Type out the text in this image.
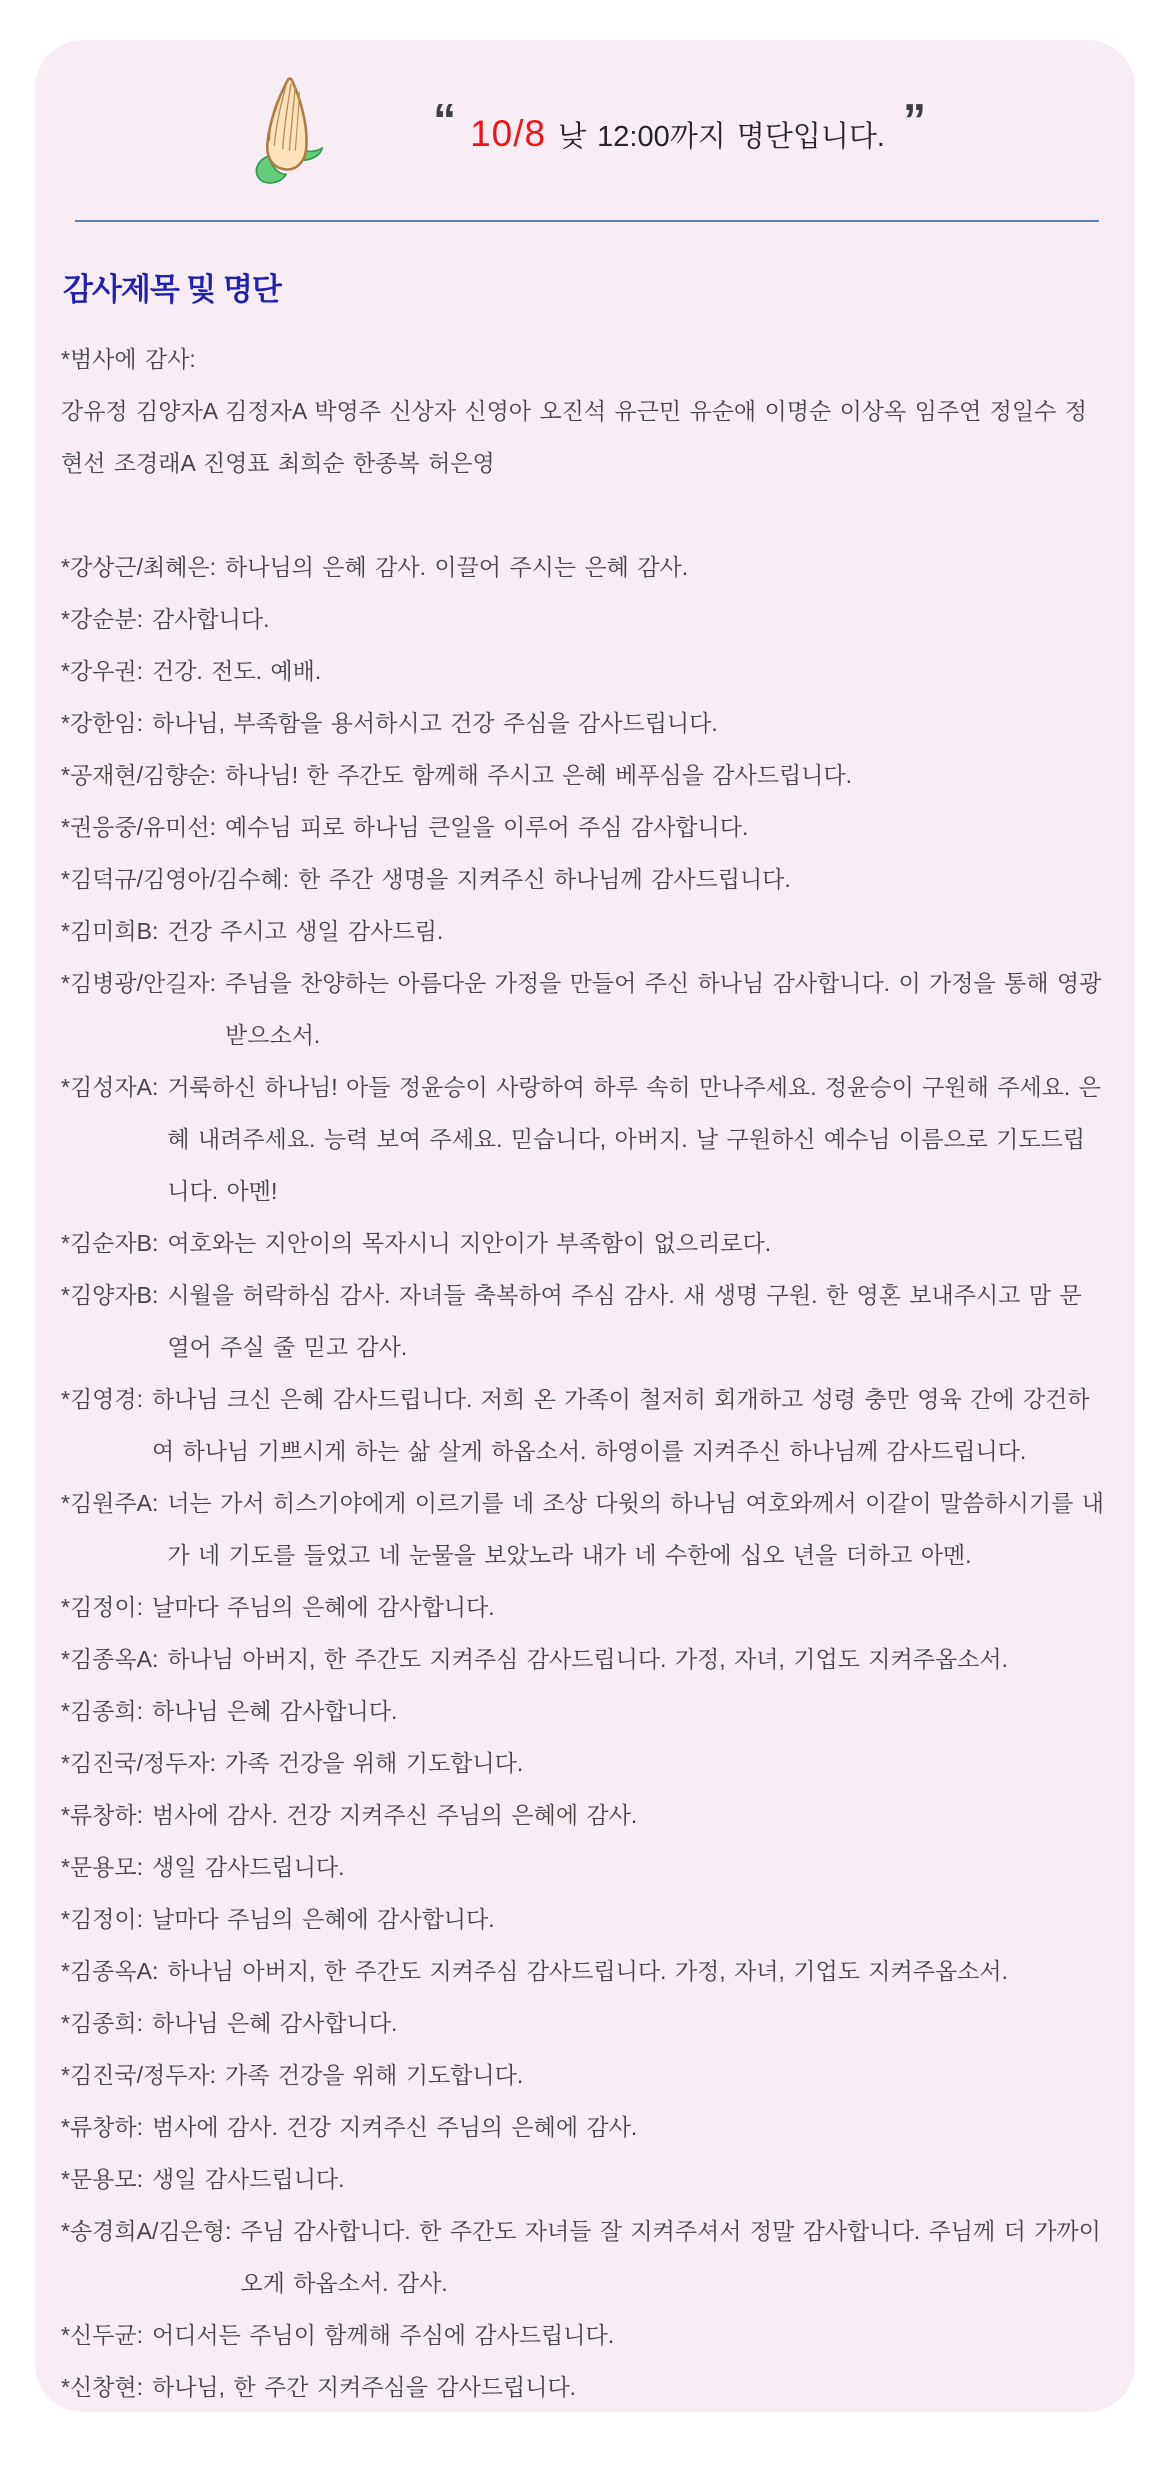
“ 10/8 낮 12:00까지 명단입니다. ”
감사제목 및 명단

*범사에 감사:

강유정 김양자A 김정자A 박영주 신상자 신영아 오진석 유근민 유순애 이명순 이상옥 임주연 정일수 정현선 조경래A 진영표 최희순 한종복 허은영

*강상근/최혜은: 하나님의 은혜 감사. 이끌어 주시는 은혜 감사.

*강순분: 감사합니다.

*강우권: 건강. 전도. 예배.

*강한임: 하나님, 부족함을 용서하시고 건강 주심을 감사드립니다.

*공재현/김향순: 하나님! 한 주간도 함께해 주시고 은혜 베푸심을 감사드립니다.

*권응중/유미선: 예수님 피로 하나님 큰일을 이루어 주심 감사합니다.

*김덕규/김영아/김수혜: 한 주간 생명을 지켜주신 하나님께 감사드립니다.

*김미희B: 건강 주시고 생일 감사드림.

*김병광/안길자: 주님을 찬양하는 아름다운 가정을 만들어 주신 하나님 감사합니다. 이 가정을 통해 영광 받으소서.

*김성자A: 거룩하신 하나님! 아들 정윤승이 사랑하여 하루 속히 만나주세요. 정윤승이 구원해 주세요. 은혜 내려주세요. 능력 보여 주세요. 믿습니다, 아버지. 날 구원하신 예수님 이름으로 기도드립니다. 아멘!

*김순자B: 여호와는 지안이의 목자시니 지안이가 부족함이 없으리로다.

*김양자B: 시월을 허락하심 감사. 자녀들 축복하여 주심 감사. 새 생명 구원. 한 영혼 보내주시고 맘 문 열어 주실 줄 믿고 감사.

*김영경: 하나님 크신 은혜 감사드립니다. 저희 온 가족이 철저히 회개하고 성령 충만 영육 간에 강건하여 하나님 기쁘시게 하는 삶 살게 하옵소서. 하영이를 지켜주신 하나님께 감사드립니다.

*김원주A: 너는 가서 히스기야에게 이르기를 네 조상 다윗의 하나님 여호와께서 이같이 말씀하시기를 내가 네 기도를 들었고 네 눈물을 보았노라 내가 네 수한에 십오 년을 더하고 아멘.

*김정이: 날마다 주님의 은혜에 감사합니다.

*김종옥A: 하나님 아버지, 한 주간도 지켜주심 감사드립니다. 가정, 자녀, 기업도 지켜주옵소서.

*김종희: 하나님 은혜 감사합니다.

*김진국/정두자: 가족 건강을 위해 기도합니다.

*류창하: 범사에 감사. 건강 지켜주신 주님의 은혜에 감사.

*문용모: 생일 감사드립니다.

*김정이: 날마다 주님의 은혜에 감사합니다.

*김종옥A: 하나님 아버지, 한 주간도 지켜주심 감사드립니다. 가정, 자녀, 기업도 지켜주옵소서.

*김종희: 하나님 은혜 감사합니다.

*김진국/정두자: 가족 건강을 위해 기도합니다.

*류창하: 범사에 감사. 건강 지켜주신 주님의 은혜에 감사.

*문용모: 생일 감사드립니다.

*송경희A/김은형: 주님 감사합니다. 한 주간도 자녀들 잘 지켜주셔서 정말 감사합니다. 주님께 더 가까이 오게 하옵소서. 감사.

*신두균: 어디서든 주님이 함께해 주심에 감사드립니다.

*신창현: 하나님, 한 주간 지켜주심을 감사드립니다.
